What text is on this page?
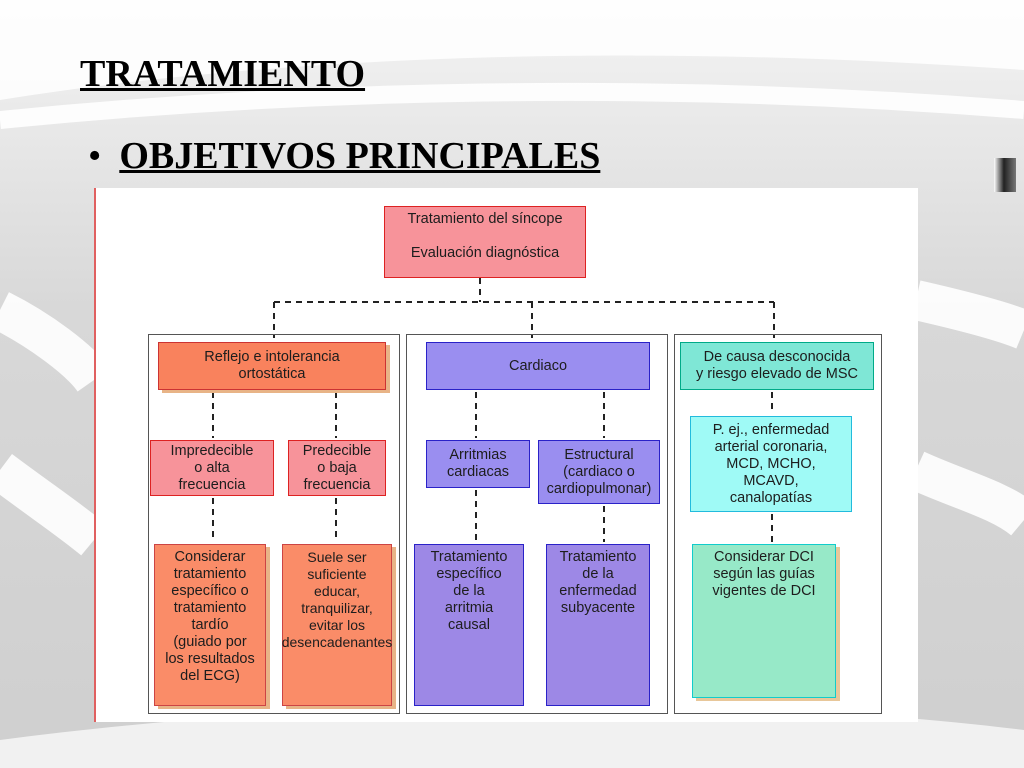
TRATAMIENTO
• OBJETIVOS PRINCIPALES
Tratamiento del síncope

Evaluación diagnóstica
Reflejo e intolerancia
ortostática
Impredecible
o alta
frecuencia
Predecible
o baja
frecuencia
Considerar
tratamiento
específico o
tratamiento
tardío
(guiado por
los resultados
del ECG)
Suele ser
suficiente
educar,
tranquilizar,
evitar los
desencadenantes
Cardiaco
Arritmias
cardiacas
Estructural
(cardiaco o
cardiopulmonar)
Tratamiento
específico
de la
arritmia
causal
Tratamiento
de la
enfermedad
subyacente
De causa desconocida
y riesgo elevado de MSC
P. ej., enfermedad
arterial coronaria,
MCD, MCHO,
MCAVD,
canalopatías
Considerar DCI
según las guías
vigentes de DCI
